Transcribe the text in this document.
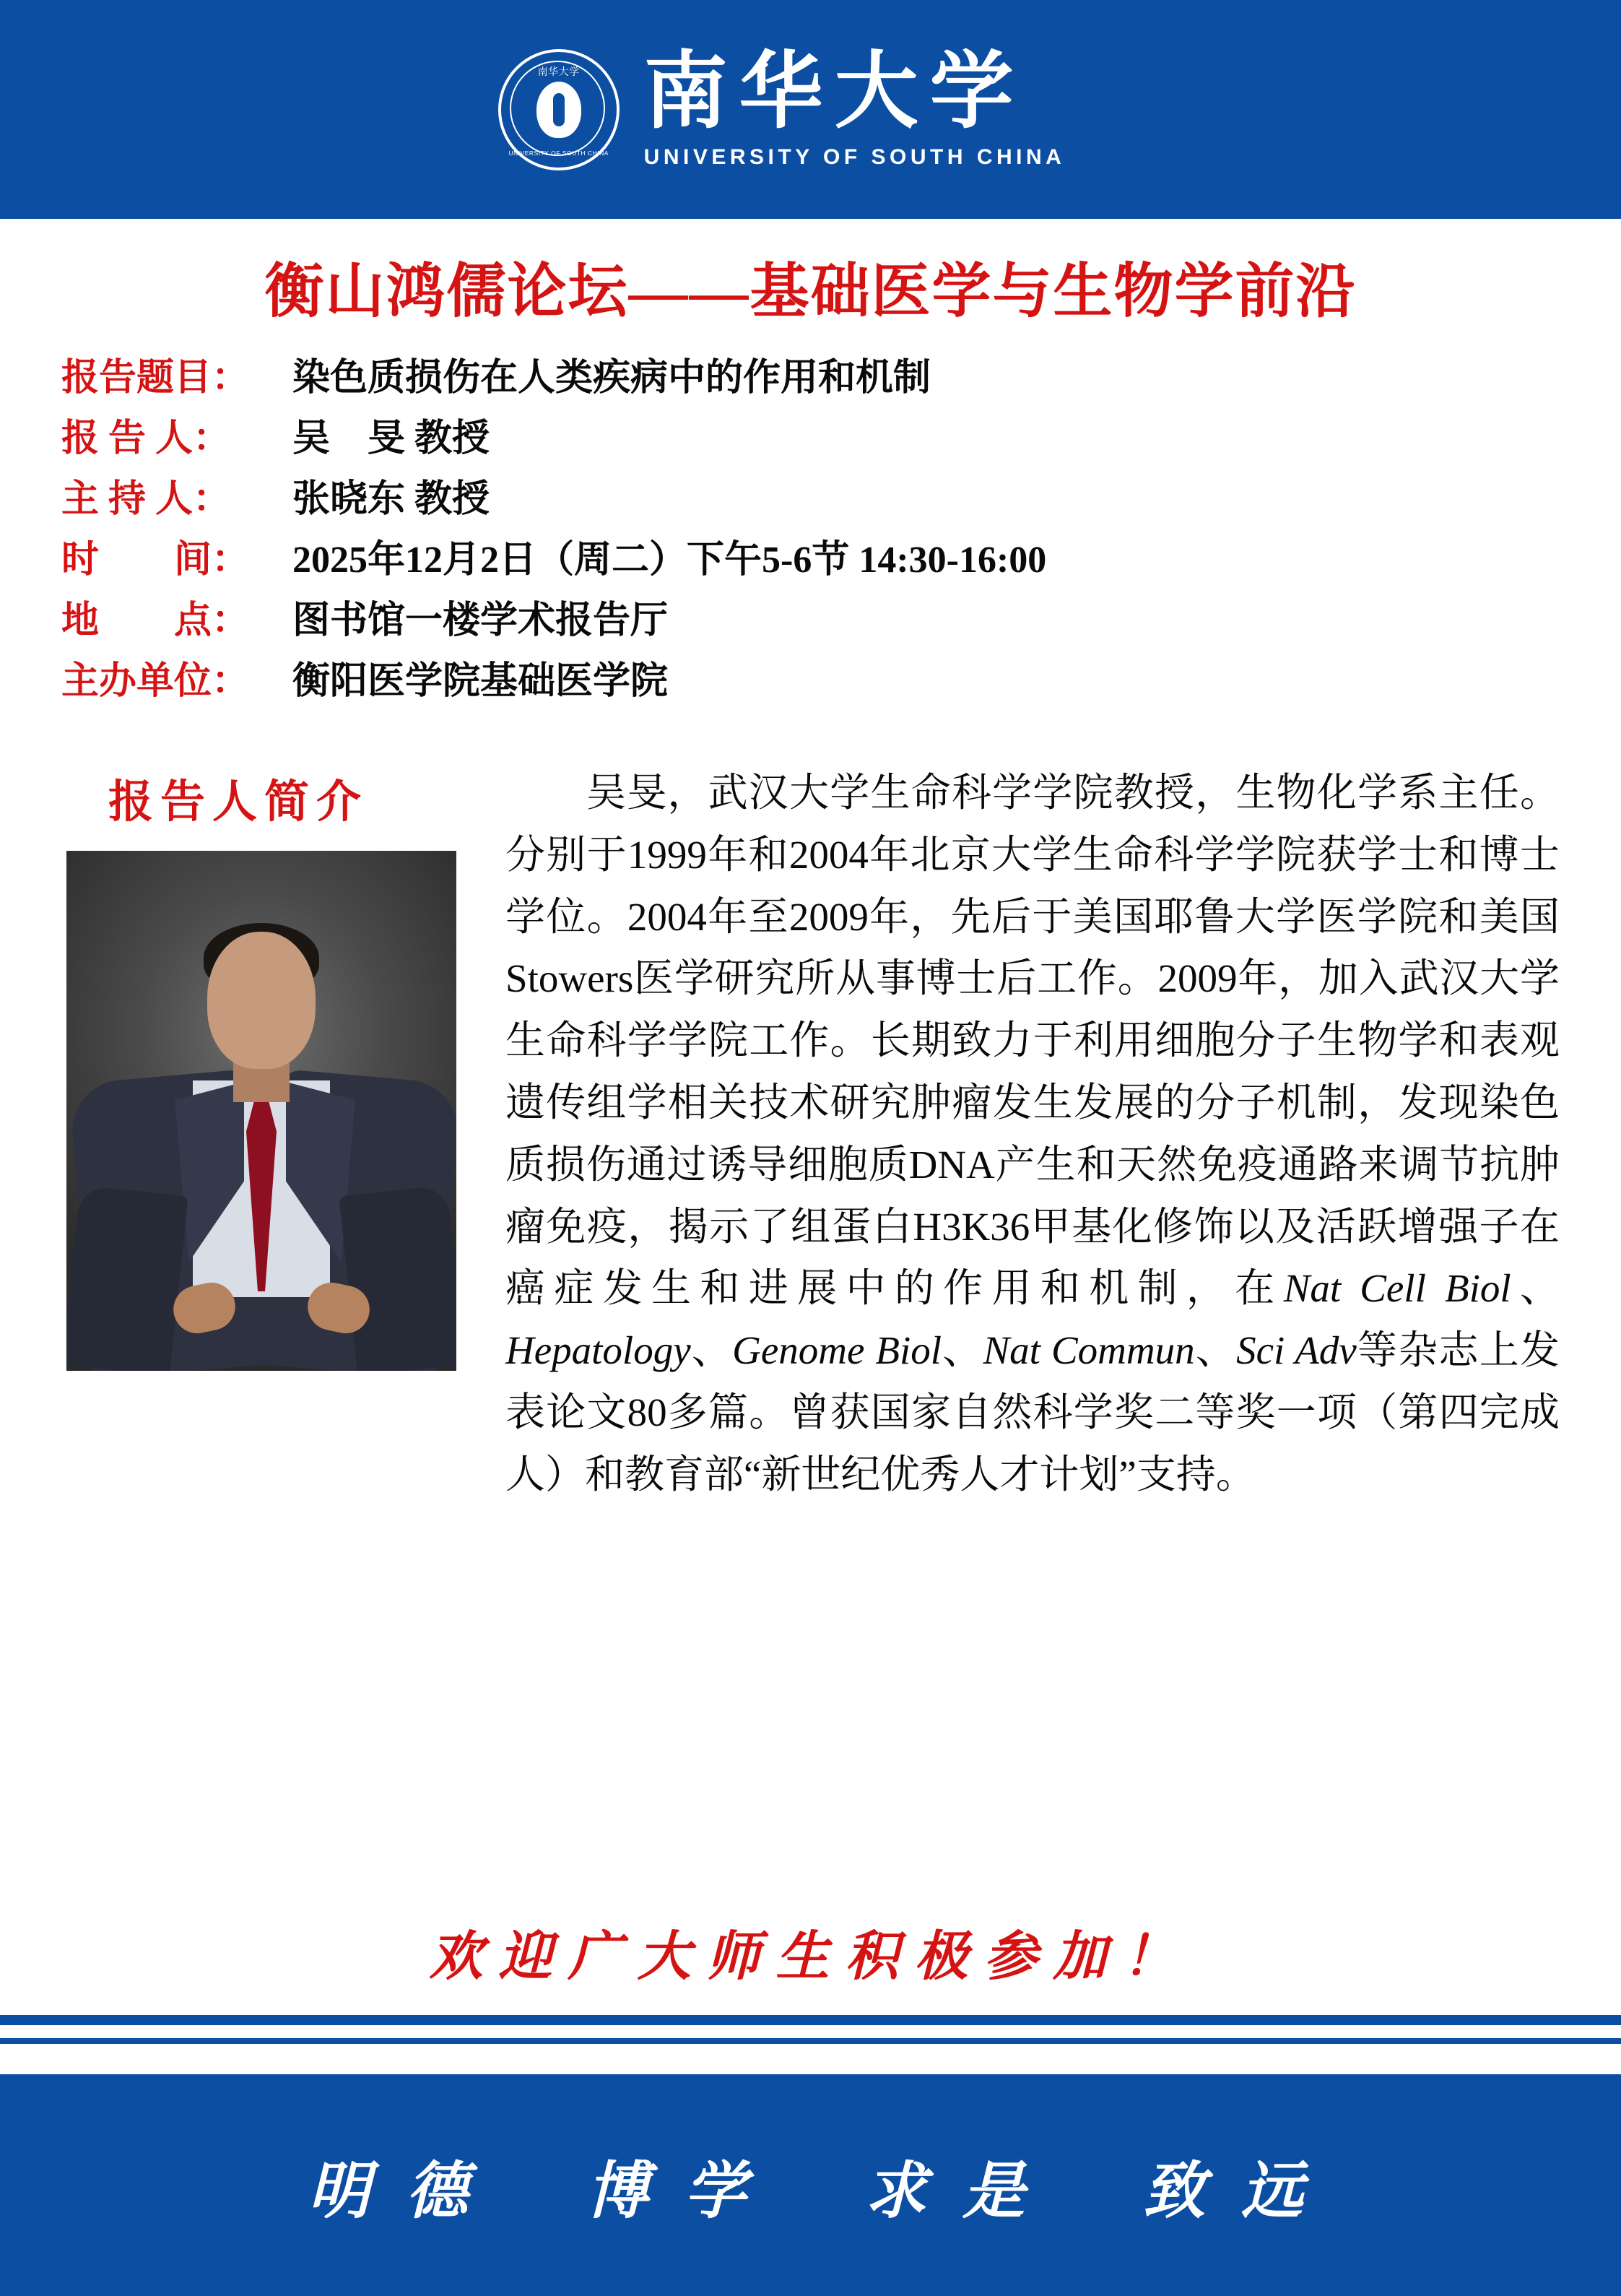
南华大学
UNIVERSITY OF SOUTH CHINA
南华大学
UNIVERSITY OF SOUTH CHINA
衡山鸿儒论坛——基础医学与生物学前沿
报告题目：	染色质损伤在人类疾病中的作用和机制
报 告 人：	吴　旻 教授
主 持 人：	张晓东 教授
时　　间：	2025年12月2日（周二）下午5-6节 14:30-16:00
地　　点：	图书馆一楼学术报告厅
主办单位：	衡阳医学院基础医学院
报告人简介	吴旻，武汉大学生命科学学院教授，生物化学系主任。分别于1999年和2004年北京大学生命科学学院获学士和博士学位。2004年至2009年，先后于美国耶鲁大学医学院和美国Stowers医学研究所从事博士后工作。2009年，加入武汉大学生命科学学院工作。长期致力于利用细胞分子生物学和表观遗传组学相关技术研究肿瘤发生发展的分子机制，发现染色质损伤通过诱导细胞质DNA产生和天然免疫通路来调节抗肿瘤免疫，揭示了组蛋白H3K36甲基化修饰以及活跃增强子在癌症发生和进展中的作用和机制，在Nat Cell Biol、Hepatology、Genome Biol、Nat Commun、Sci Adv等杂志上发表论文80多篇。曾获国家自然科学奖二等奖一项（第四完成人）和教育部“新世纪优秀人才计划”支持。
欢迎广大师生积极参加！
明 德 博 学 求 是 致 远
